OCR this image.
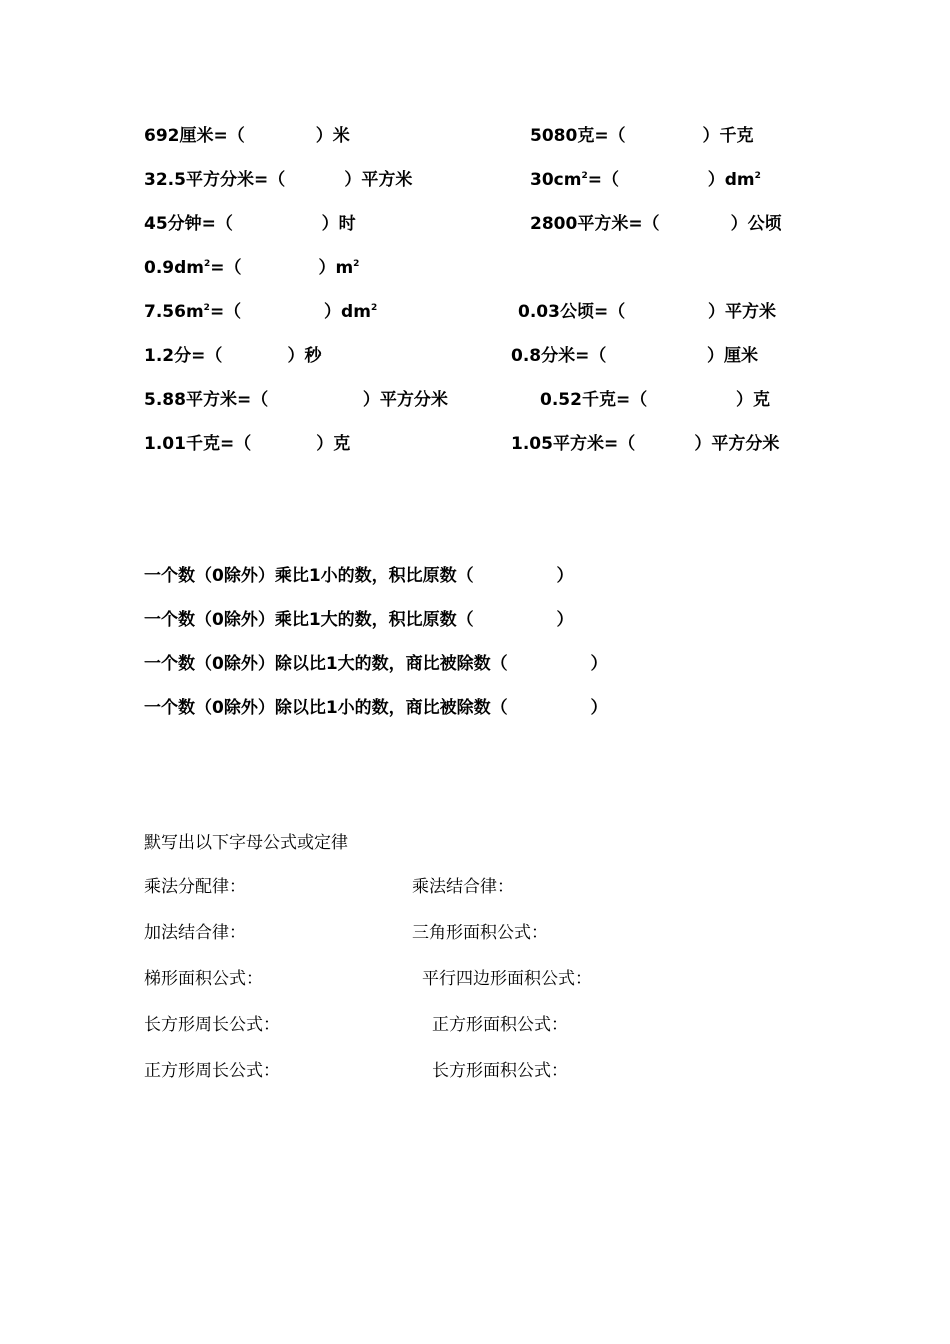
692厘米=（            ）米	5080克=（             ）千克
32.5平方分米=（          ）平方米	$30cm^2=$（               ）$dm^2$
45分钟=（               ）时	2800平方米=（            ）公顷
$0.9dm^2=$（             ）$m^2$
$7.56m^2=$（              ）$dm^2$	0.03公顷=（              ）平方米
1.2分=（           ）秒	0.8分米=（                 ）厘米
5.88平方米=（                ）平方分米	0.52千克=（               ）克
1.01千克=（           ）克	1.05平方米=（          ）平方分米
一个数（0除外）乘比1小的数，积比原数（              ）
一个数（0除外）乘比1大的数，积比原数（              ）
一个数（0除外）除以比1大的数，商比被除数（              ）
一个数（0除外）除以比1小的数，商比被除数（              ）
默写出以下字母公式或定律
乘法分配律：	乘法结合律：
加法结合律：	三角形面积公式：
梯形面积公式：	平行四边形面积公式：
长方形周长公式：	正方形面积公式：
正方形周长公式：	长方形面积公式：
